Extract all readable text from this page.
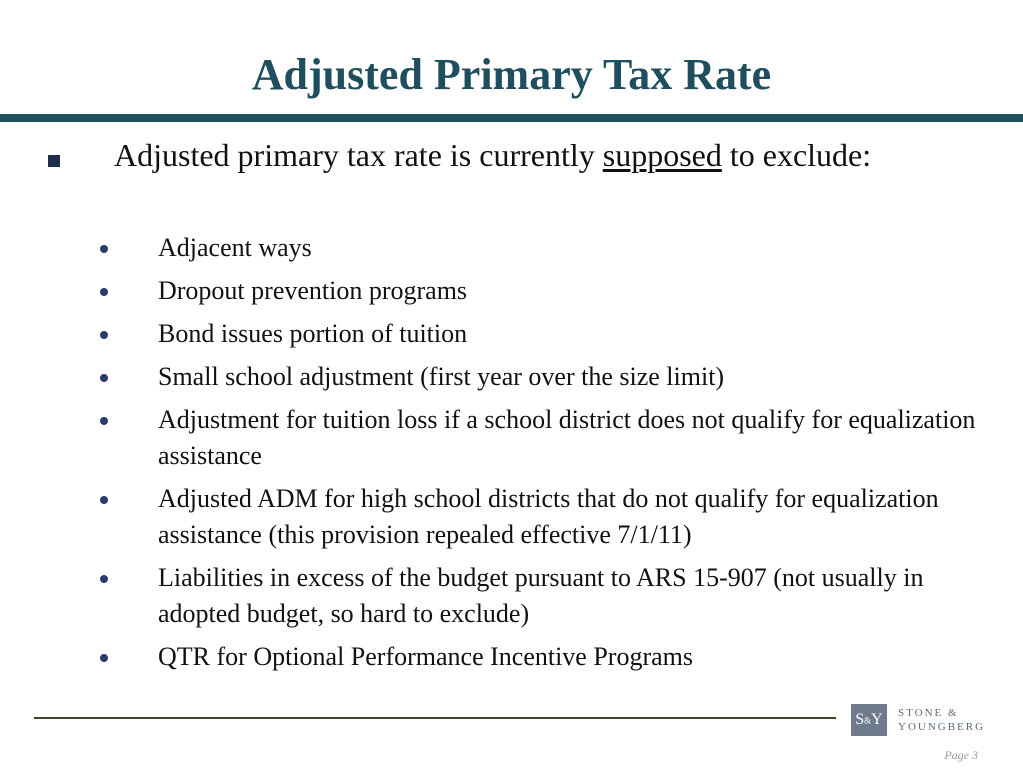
Adjusted Primary Tax Rate
Adjusted primary tax rate is currently supposed to exclude:
Adjacent ways
Dropout prevention programs
Bond issues portion of tuition
Small school adjustment (first year over the size limit)
Adjustment for tuition loss if a school district does not qualify for equalization assistance
Adjusted ADM for high school districts that do not qualify for equalization assistance (this provision repealed effective 7/1/11)
Liabilities in excess of the budget pursuant to ARS 15-907 (not usually in adopted budget, so hard to exclude)
QTR for Optional Performance Incentive Programs
S&Y	STONE &
YOUNGBERG
Page 3
